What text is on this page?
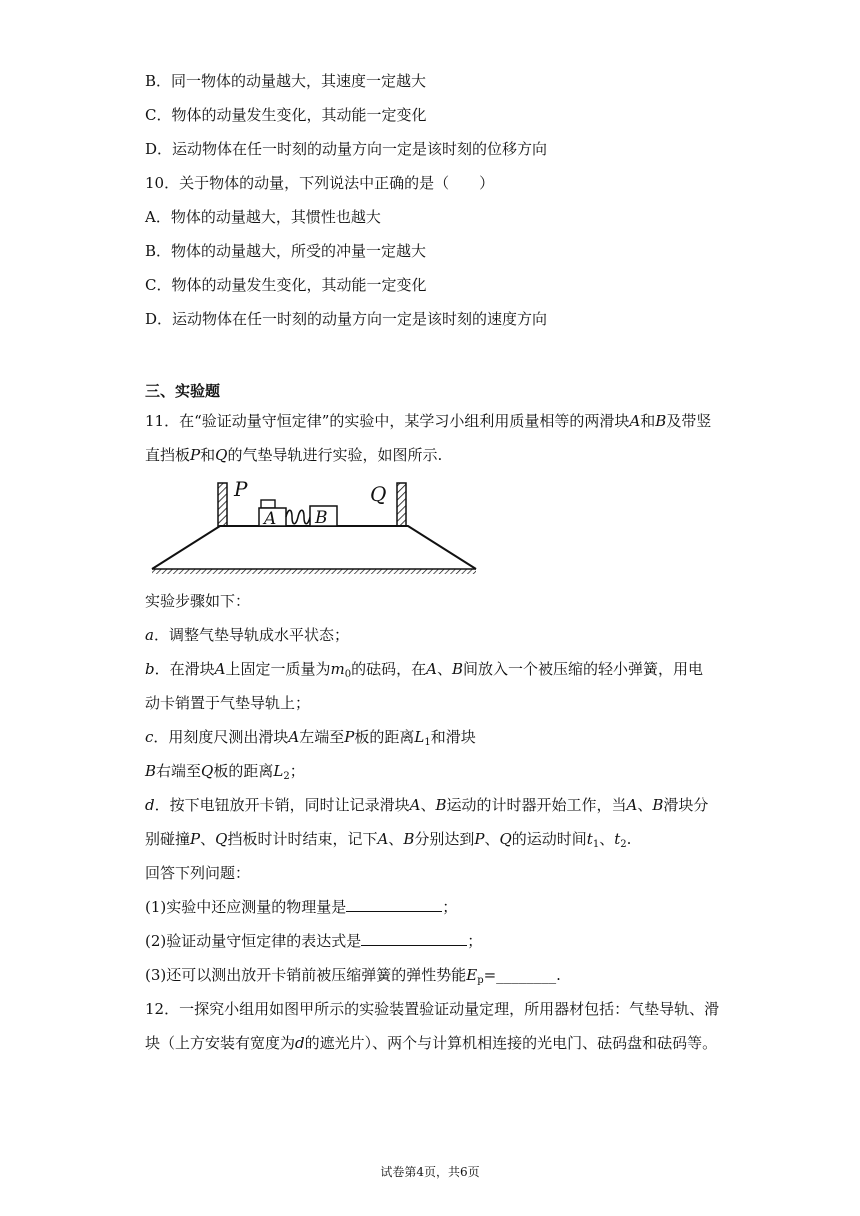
B．同一物体的动量越大，其速度一定越大
C．物体的动量发生变化，其动能一定变化
D．运动物体在任一时刻的动量方向一定是该时刻的位移方向
10．关于物体的动量，下列说法中正确的是（　　）
A．物体的动量越大，其惯性也越大
B．物体的动量越大，所受的冲量一定越大
C．物体的动量发生变化，其动能一定变化
D．运动物体在任一时刻的动量方向一定是该时刻的速度方向
三、实验题
11．在“验证动量守恒定律”的实验中，某学习小组利用质量相等的两滑块A和B及带竖
直挡板P和Q的气垫导轨进行实验，如图所示.
P	Q
A B
实验步骤如下：
a．调整气垫导轨成水平状态；
b．在滑块A上固定一质量为$m_0$的砝码，在A、B间放入一个被压缩的轻小弹簧，用电
动卡销置于气垫导轨上；
c．用刻度尺测出滑块A左端至P板的距离$L_1$和滑块
B右端至Q板的距离$L_2$；
d．按下电钮放开卡销，同时让记录滑块A、B运动的计时器开始工作，当A、B滑块分
别碰撞P、Q挡板时计时结束，记下A、B分别达到P、Q的运动时间$t_1$、$t_2$.
回答下列问题：
(1)实验中还应测量的物理量是	；
(2)验证动量守恒定律的表达式是	；
(3)还可以测出放开卡销前被压缩弹簧的弹性势能$E_p=\_\_\_\_\_\_\_\_$.
12．一探究小组用如图甲所示的实验装置验证动量定理，所用器材包括：气垫导轨、滑
块（上方安装有宽度为d的遮光片）、两个与计算机相连接的光电门、砝码盘和砝码等。
试卷第4页，共6页
